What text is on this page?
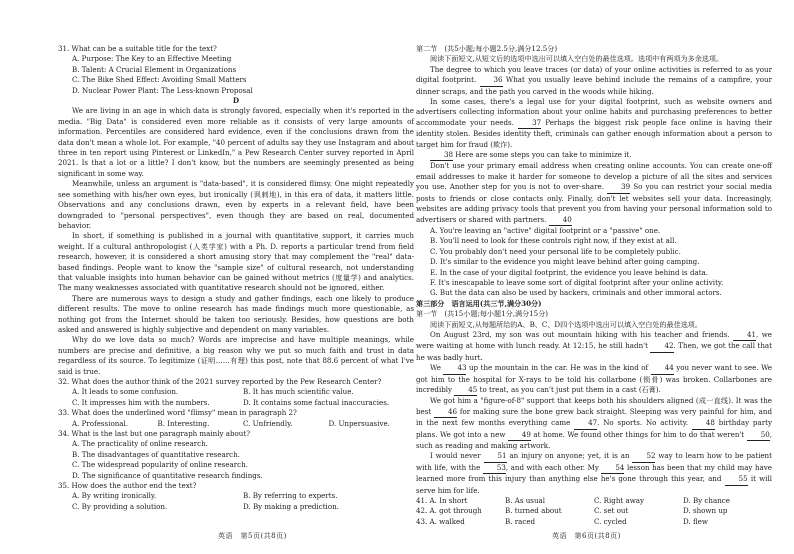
31. What can be a suitable title for the text?

A. Purpose: The Key to an Effective Meeting

B. Talent: A Crucial Element in Organizations

C. The Bike Shed Effect: Avoiding Small Matters

D. Nuclear Power Plant: The Less-known Proposal

D

We are living in an age in which data is strongly favored, especially when it's reported in the media. "Big Data" is considered even more reliable as it consists of very large amounts of information. Percentiles are considered hard evidence, even if the conclusions drawn from the data don't mean a whole lot. For example, "40 percent of adults say they use Instagram and about three in ten report using Pinterest or LinkedIn," a Pew Research Center survey reported in April 2021. Is that a lot or a little? I don't know, but the numbers are seemingly presented as being significant in some way.

Meanwhile, unless an argument is "data-based", it is considered flimsy. One might repeatedly see something with his/her own eyes, but ironically (讽刺地), in this era of data, it matters little. Observations and any conclusions drawn, even by experts in a relevant field, have been downgraded to "personal perspectives", even though they are based on real, documented behavior.

In short, if something is published in a journal with quantitative support, it carries much weight. If a cultural anthropologist (人类学家) with a Ph. D. reports a particular trend from field research, however, it is considered a short amusing story that may complement the "real" data-based findings. People want to know the "sample size" of cultural research, not understanding that valuable insights into human behavior can be gained without metrics (度量学) and analytics. The many weaknesses associated with quantitative research should not be ignored, either.

There are numerous ways to design a study and gather findings, each one likely to produce different results. The move to online research has made findings much more questionable, as nothing got from the Internet should be taken too seriously. Besides, how questions are both asked and answered is highly subjective and dependent on many variables.

Why do we love data so much? Words are imprecise and have multiple meanings, while numbers are precise and definitive, a big reason why we put so much faith and trust in data regardless of its source. To legitimize (证明……有理) this post, note that 88.6 percent of what I've said is true.

32. What does the author think of the 2021 survey reported by the Pew Research Center?

A. It leads to some confusion.	B. It has much scientific value.
C. It impresses him with the numbers.	D. It contains some factual inaccuracies.

33. What does the underlined word "flimsy" mean in paragraph 2?

A. Professional.	B. Interesting.	C. Unfriendly.	D. Unpersuasive.

34. What is the last but one paragraph mainly about?

A. The practicality of online research.

B. The disadvantages of quantitative research.

C. The widespread popularity of online research.

D. The significance of quantitative research findings.

35. How does the author end the text?

A. By writing ironically.	B. By referring to experts.
C. By providing a solution.	D. By making a prediction.

第二节　(共5小题;每小题2.5分,满分12.5分)

阅读下面短文,从短文后的选项中选出可以填入空白处的最佳选项。选项中有两项为多余选项。

The degree to which you leave traces (or data) of your online activities is referred to as your digital footprint. 36 What you usually leave behind include the remains of a campfire, your dinner scraps, and the path you carved in the woods while hiking.

In some cases, there's a legal use for your digital footprint, such as website owners and advertisers collecting information about your online habits and purchasing preferences to better accommodate your needs.	37 Perhaps the biggest risk people face online is having their identity stolen. Besides identity theft, criminals can gather enough information about a person to target him for fraud (欺诈).

38 Here are some steps you can take to minimize it.

Don't use your primary email address when creating online accounts. You can create one-off email addresses to make it harder for someone to develop a picture of all the sites and services you use. Another step for you is not to over-share. 39 So you can restrict your social media posts to friends or close contacts only. Finally, don't let websites sell your data. Increasingly, websites are adding privacy tools that prevent you from having your personal information sold to advertisers or shared with partners. 40

A. You're leaving an "active" digital footprint or a "passive" one.

B. You'll need to look for these controls right now, if they exist at all.

C. You probably don't need your personal life to be completely public.

D. It's similar to the evidence you might leave behind after going camping.

E. In the case of your digital footprint, the evidence you leave behind is data.

F. It's inescapable to leave some sort of digital footprint after your online activity.

G. But the data can also be used by hackers, criminals and other immoral actors.

第三部分　语言运用(共三节,满分30分)

第一节　(共15小题;每小题1分,满分15分)

阅读下面短文,从每题所给的A、B、C、D四个选项中选出可以填入空白处的最佳选项。

On August 23rd, my son was out mountain hiking with his teacher and friends. 41, we were waiting at home with lunch ready. At 12:15, he still hadn't 42. Then, we got the call that he was badly hurt.

We 43 up the mountain in the car. He was in the kind of 44 you never want to see. We got him to the hospital for X-rays to be told his collarbone (锁骨) was broken. Collarbones are incredibly 45 to treat, as you can't just put them in a cast (石膏).

We got him a "figure-of-8" support that keeps both his shoulders aligned (成一直线). It was the best 46 for making sure the bone grew back straight. Sleeping was very painful for him, and in the next few months everything came	47. No sports. No activity.	48 birthday party plans. We got into a new 49 at home. We found other things for him to do that weren't 50, such as reading and making artwork.

I would never 51 an injury on anyone; yet, it is an 52 way to learn how to be patient with life, with the 53, and with each other. My 54 lesson has been that my child may have learned more from this injury than anything else he's gone through this year, and 55 it will serve him for life.

41. A. In short	B. As usual	C. Right away	D. By chance
42. A. got through	B. turned about	C. set out	D. shown up
43. A. walked	B. raced	C. cycled	D. flew
英语　第5页(共8页)	英语　第6页(共8页)
